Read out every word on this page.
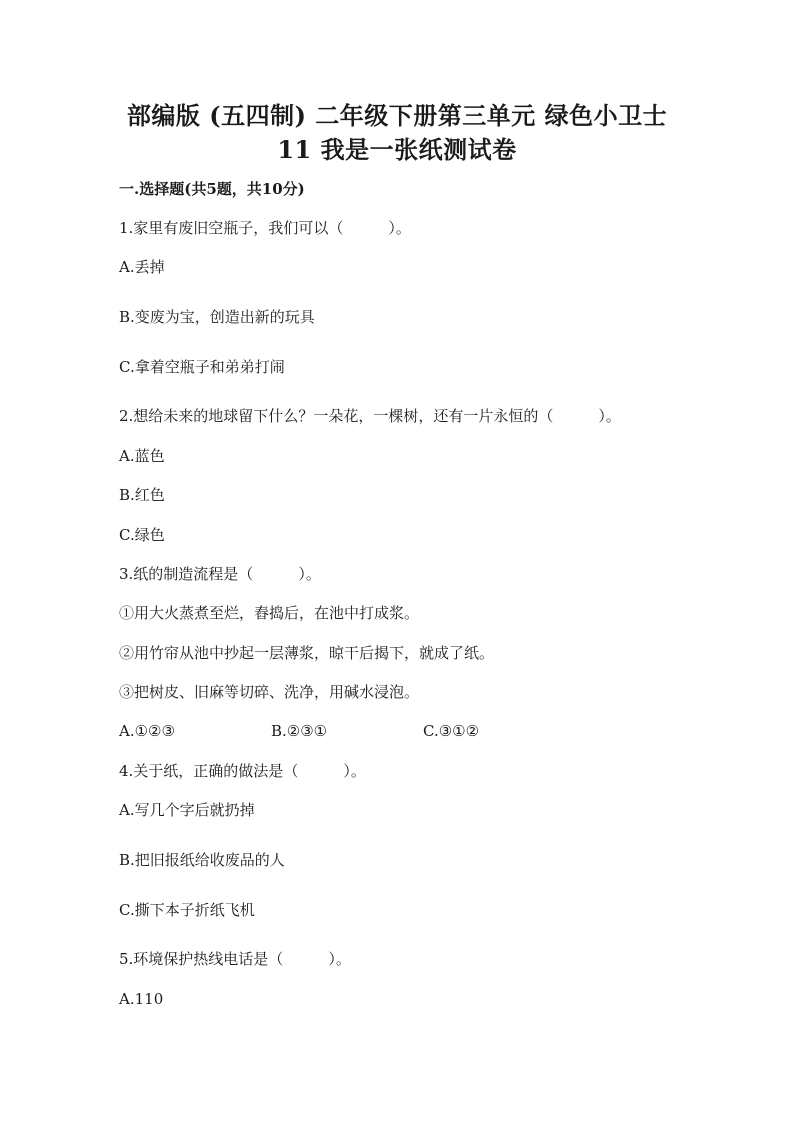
部编版 (五四制) 二年级下册第三单元 绿色小卫士
11 我是一张纸测试卷

一.选择题(共5题，共10分)

1.家里有废旧空瓶子，我们可以（　　　）。

A.丢掉

B.变废为宝，创造出新的玩具

C.拿着空瓶子和弟弟打闹

2.想给未来的地球留下什么？一朵花，一棵树，还有一片永恒的（　　　）。

A.蓝色

B.红色

C.绿色

3.纸的制造流程是（　　　）。

①用大火蒸煮至烂，舂捣后，在池中打成浆。

②用竹帘从池中抄起一层薄浆，晾干后揭下，就成了纸。

③把树皮、旧麻等切碎、洗净，用碱水浸泡。

A.①②③	B.②③①	C.③①②

4.关于纸，正确的做法是（　　　）。

A.写几个字后就扔掉

B.把旧报纸给收废品的人

C.撕下本子折纸飞机

5.环境保护热线电话是（　　　）。

A.110
